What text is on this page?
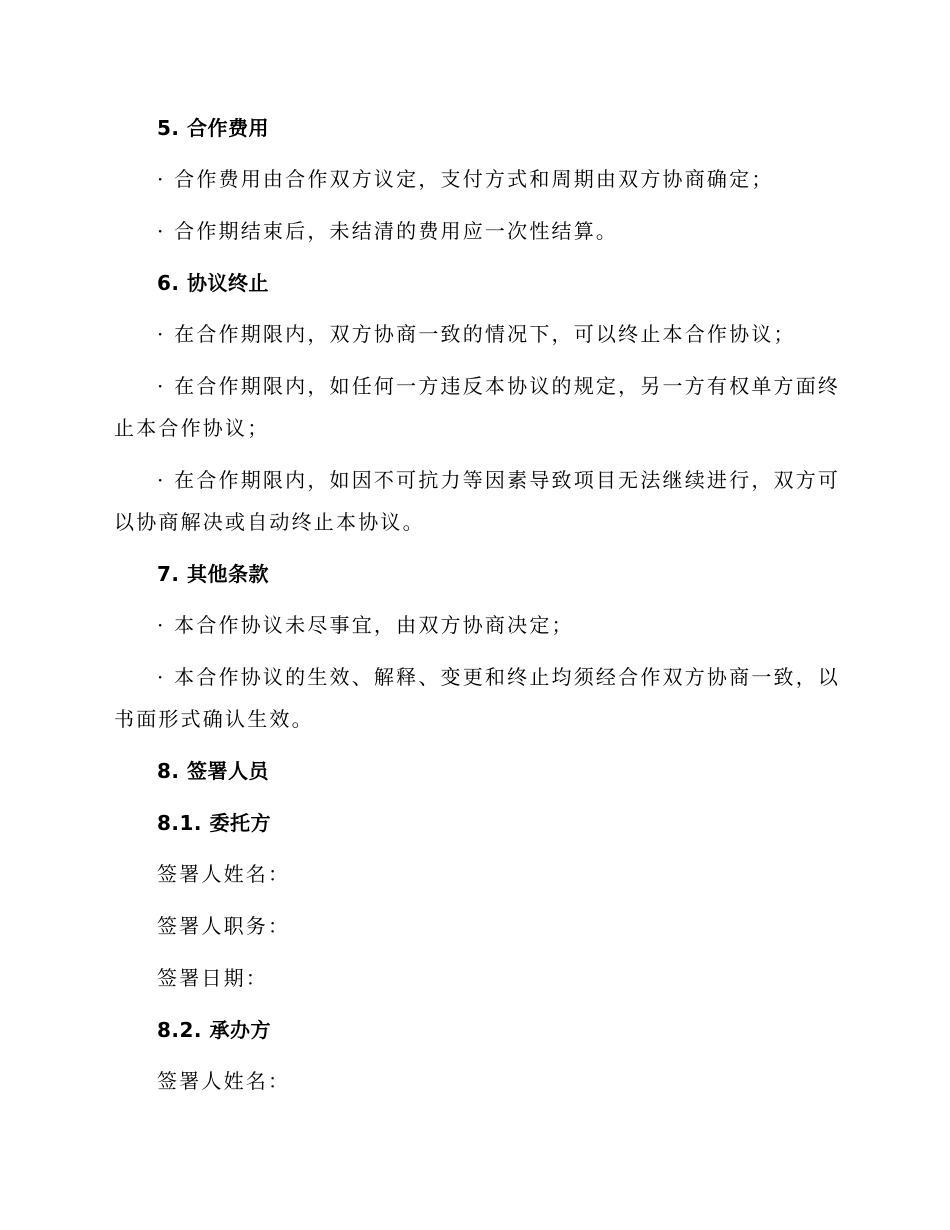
5. 合作费用
· 合作费用由合作双方议定，支付方式和周期由双方协商确定；
· 合作期结束后，未结清的费用应一次性结算。
6. 协议终止
· 在合作期限内，双方协商一致的情况下，可以终止本合作协议；
· 在合作期限内，如任何一方违反本协议的规定，另一方有权单方面终
止本合作协议；
· 在合作期限内，如因不可抗力等因素导致项目无法继续进行，双方可
以协商解决或自动终止本协议。
7. 其他条款
· 本合作协议未尽事宜，由双方协商决定；
· 本合作协议的生效、解释、变更和终止均须经合作双方协商一致，以
书面形式确认生效。
8. 签署人员
8.1. 委托方
签署人姓名：
签署人职务：
签署日期：
8.2. 承办方
签署人姓名：
